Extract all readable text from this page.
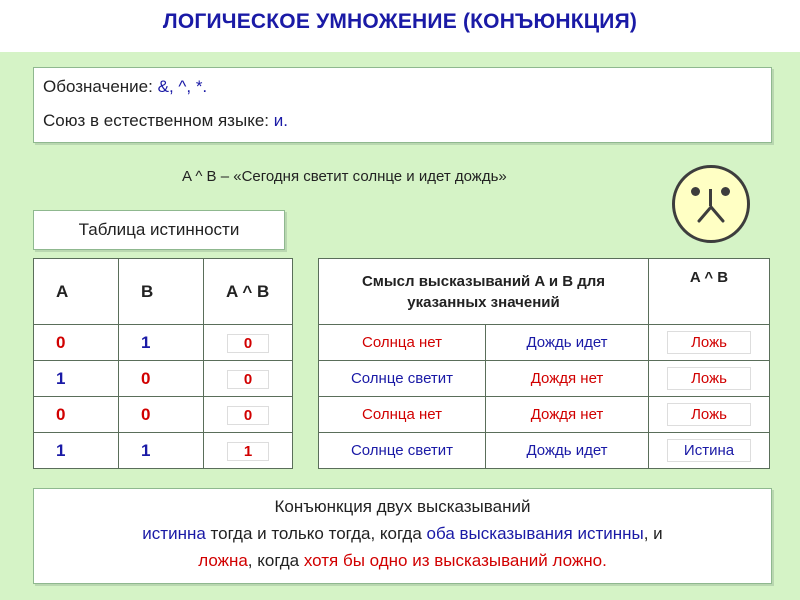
ЛОГИЧЕСКОЕ УМНОЖЕНИЕ (КОНЪЮНКЦИЯ)
Обозначение: &, ^, *.
Союз в естественном языке: и.
A ^ B – «Сегодня светит солнце и идет дождь»
Таблица истинности
A	B	A ^ B
0	1	0
1	0	0
0	0	0
1	1	1
Смысл высказываний A и B для указанных значений		A ^ B
Солнца нет	Дождь идет	Ложь
Солнце светит	Дождя нет	Ложь
Солнца нет	Дождя нет	Ложь
Солнце светит	Дождь идет	Истина
Конъюнкция двух высказываний
истинна тогда и только тогда, когда оба высказывания истинны, и
ложна, когда хотя бы одно из высказываний ложно.
